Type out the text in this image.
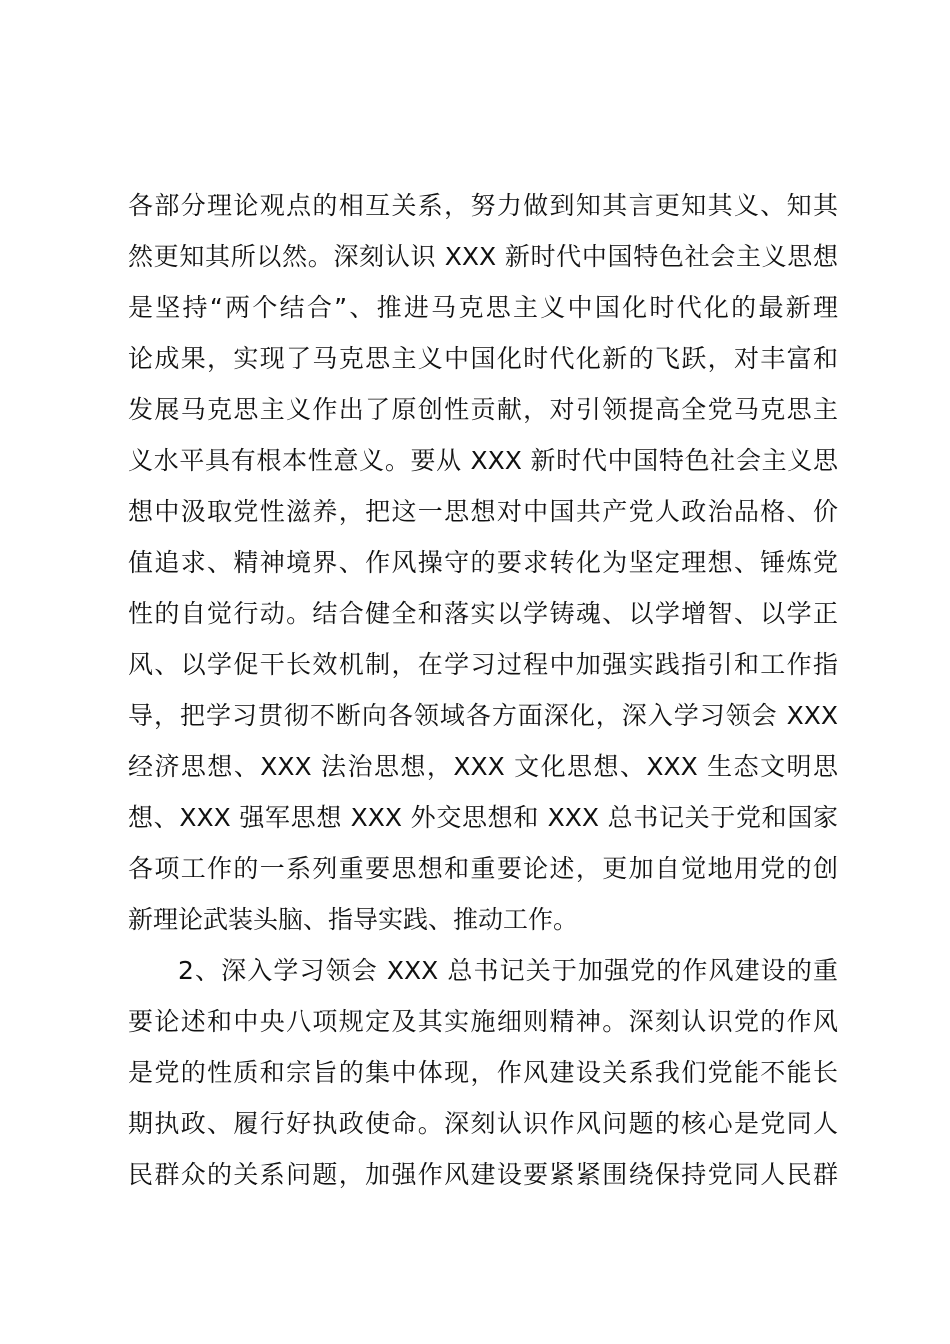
各部分理论观点的相互关系，努力做到知其言更知其义、知其
然更知其所以然。深刻认识 XXX 新时代中国特色社会主义思想
是坚持“两个结合”、推进马克思主义中国化时代化的最新理
论成果，实现了马克思主义中国化时代化新的飞跃，对丰富和
发展马克思主义作出了原创性贡献，对引领提高全党马克思主
义水平具有根本性意义。要从 XXX 新时代中国特色社会主义思
想中汲取党性滋养，把这一思想对中国共产党人政治品格、价
值追求、精神境界、作风操守的要求转化为坚定理想、锤炼党
性的自觉行动。结合健全和落实以学铸魂、以学增智、以学正
风、以学促干长效机制，在学习过程中加强实践指引和工作指
导，把学习贯彻不断向各领域各方面深化，深入学习领会 XXX
经济思想、XXX 法治思想，XXX 文化思想、XXX 生态文明思
想、XXX 强军思想 XXX 外交思想和 XXX 总书记关于党和国家
各项工作的一系列重要思想和重要论述，更加自觉地用党的创
新理论武装头脑、指导实践、推动工作。
2、深入学习领会 XXX 总书记关于加强党的作风建设的重
要论述和中央八项规定及其实施细则精神。深刻认识党的作风
是党的性质和宗旨的集中体现，作风建设关系我们党能不能长
期执政、履行好执政使命。深刻认识作风问题的核心是党同人
民群众的关系问题，加强作风建设要紧紧围绕保持党同人民群
